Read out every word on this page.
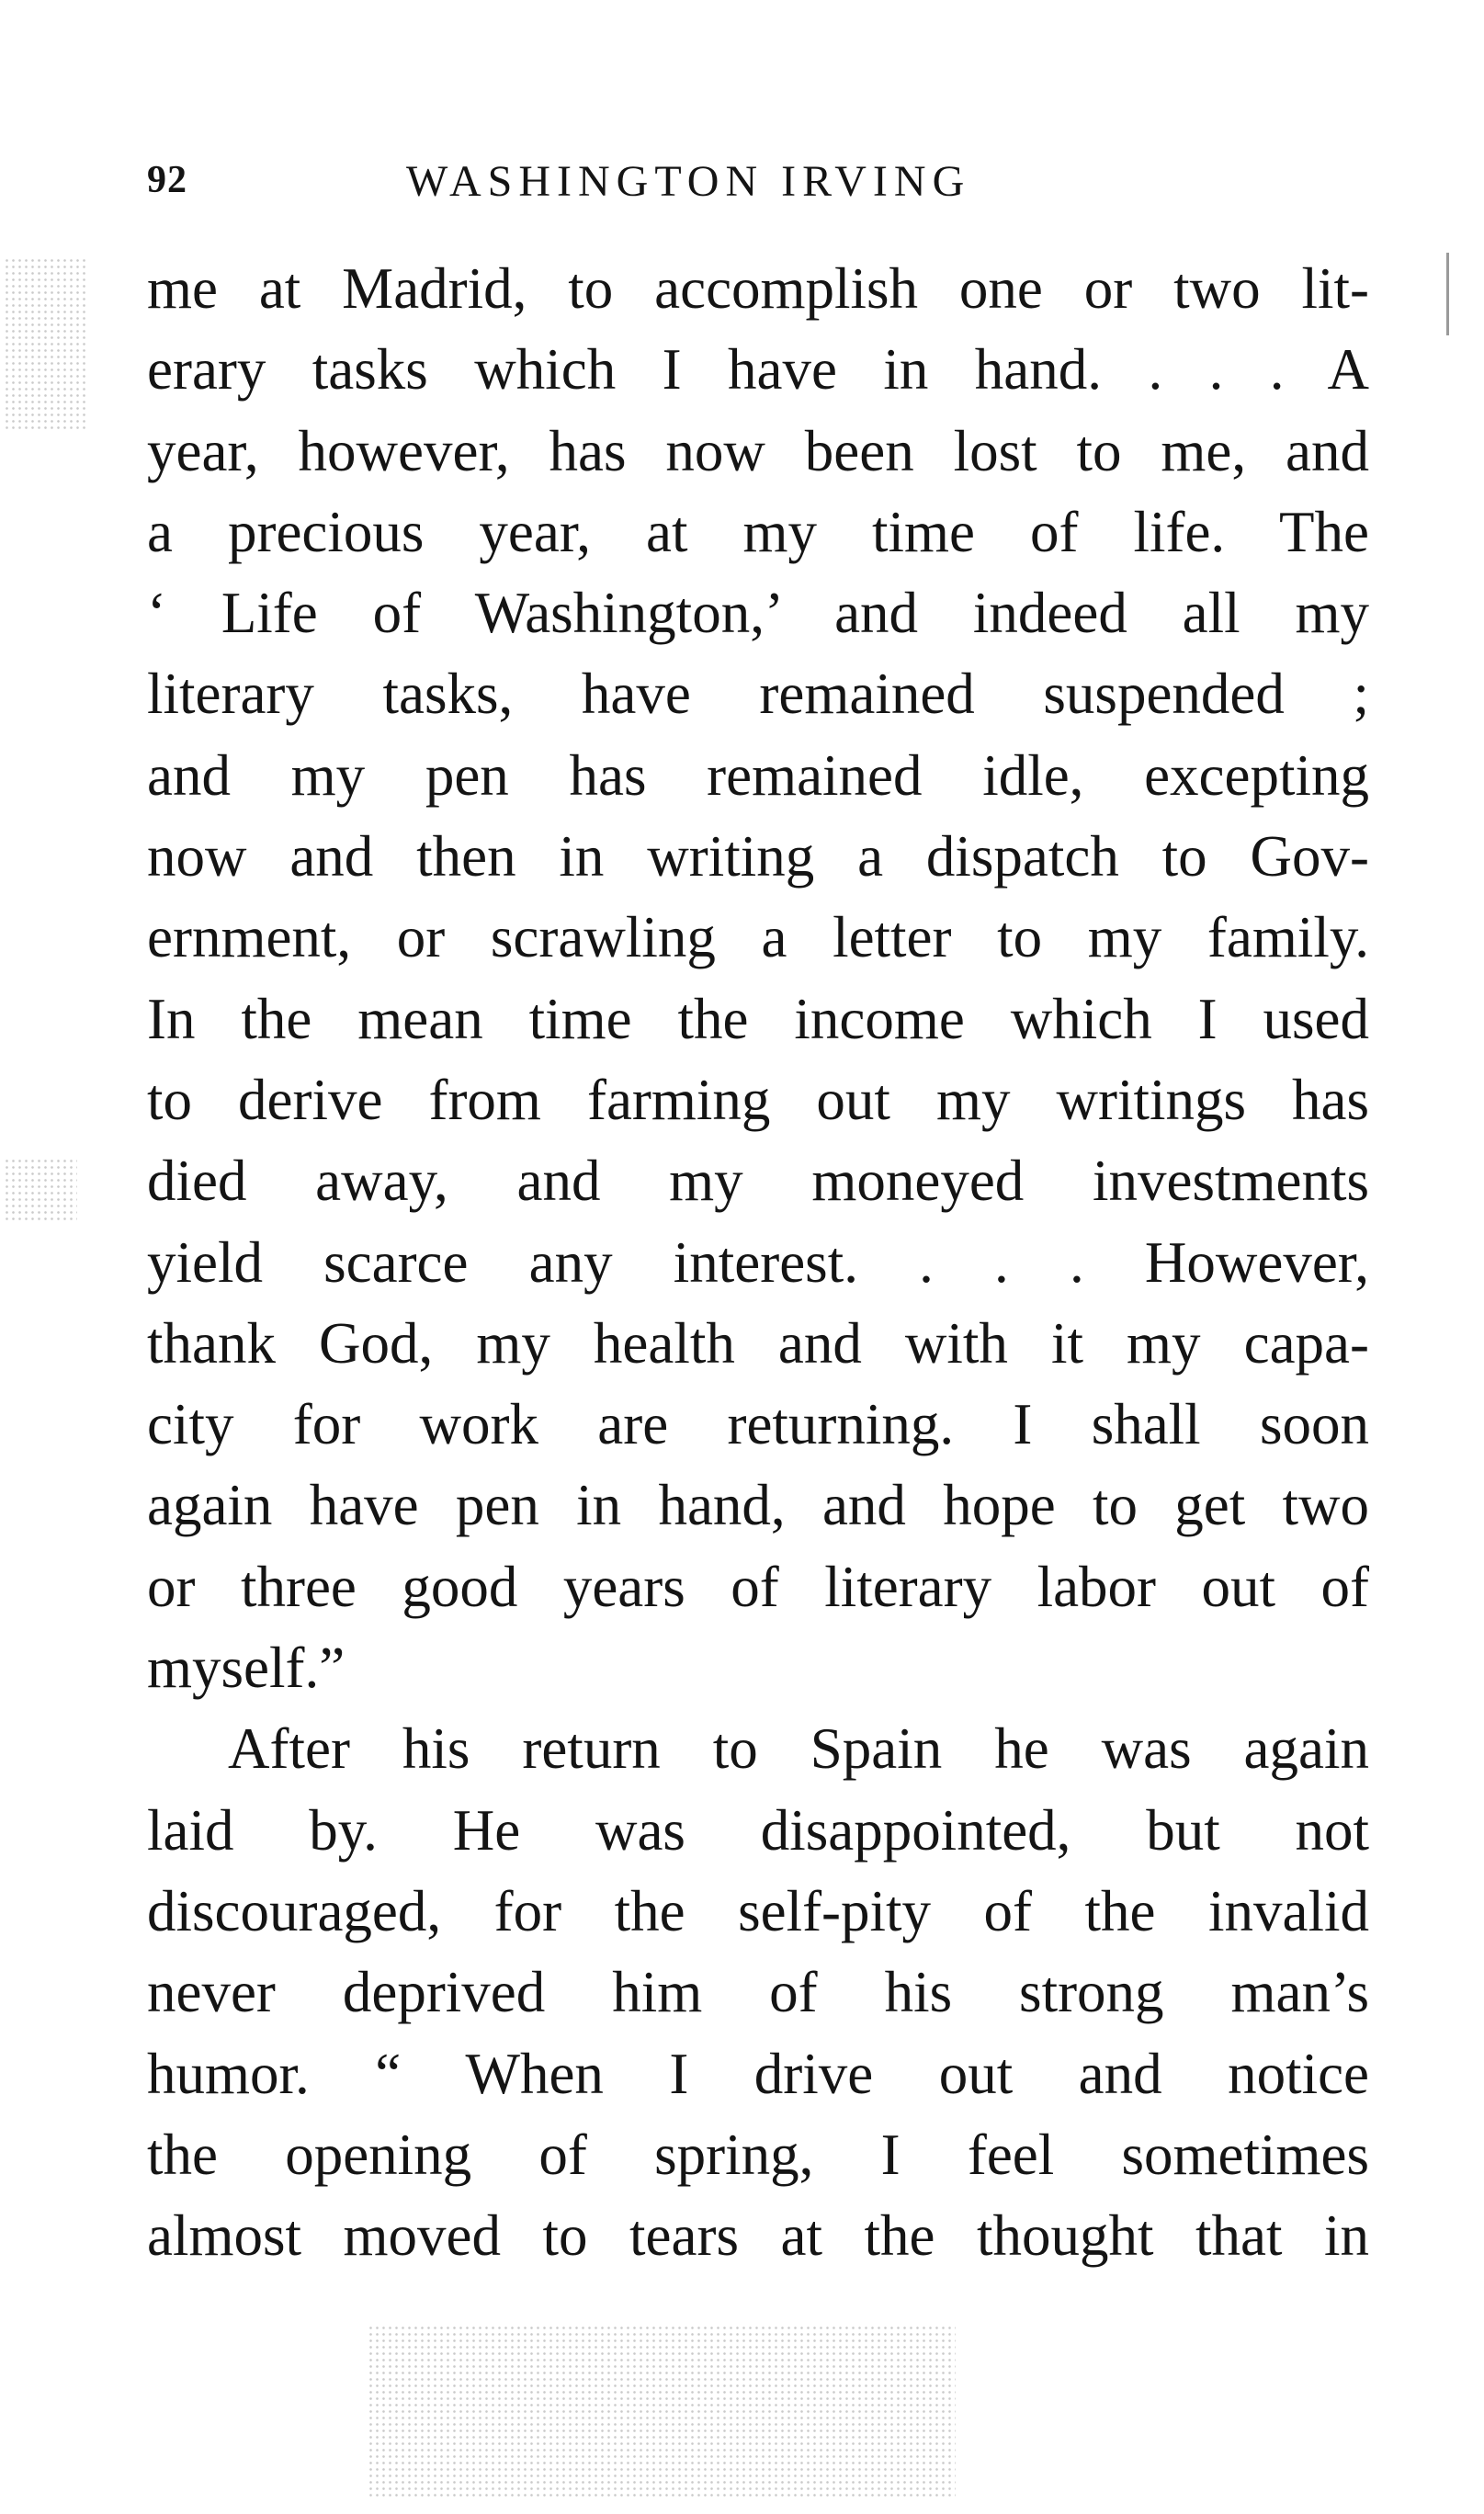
92	WASHINGTON IRVING
me at Madrid, to accomplish one or two lit-
erary tasks which I have in hand. . . . A
year, however, has now been lost to me, and
a precious year, at my time of life. The
‘ Life of Washington,’ and indeed all my
literary tasks, have remained suspended ;
and my pen has remained idle, excepting
now and then in writing a dispatch to Gov-
ernment, or scrawling a letter to my family.
In the mean time the income which I used
to derive from farming out my writings has
died away, and my moneyed investments
yield scarce any interest. . . . However,
thank God, my health and with it my capa-
city for work are returning. I shall soon
again have pen in hand, and hope to get two
or three good years of literary labor out of
myself.”
After his return to Spain he was again
laid by. He was disappointed, but not
discouraged, for the self-pity of the invalid
never deprived him of his strong man’s
humor. “ When I drive out and notice
the opening of spring, I feel sometimes
almost moved to tears at the thought that in
